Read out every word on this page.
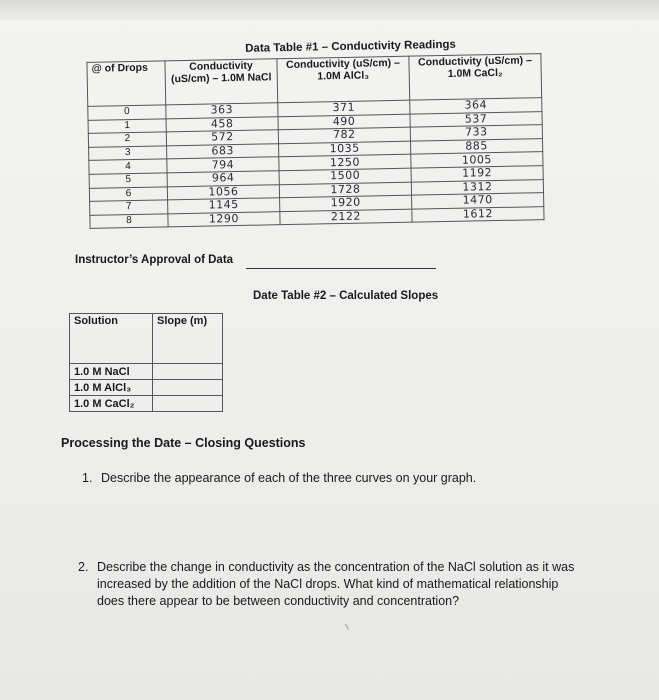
Data Table #1 – Conductivity Readings
@ of Drops	Conductivity (uS/cm) – 1.0M NaCl	Conductivity (uS/cm) – 1.0M AlCl₃	Conductivity (uS/cm) – 1.0M CaCl₂
0	363	371	364
1	458	490	537
2	572	782	733
3	683	1035	885
4	794	1250	1005
5	964	1500	1192
6	1056	1728	1312
7	1145	1920	1470
8	1290	2122	1612
Instructor’s Approval of Data
Date Table #2 – Calculated Slopes
Solution	Slope (m)
1.0 M NaCl	
1.0 M AlCl₃	
1.0 M CaCl₂	
Processing the Date – Closing Questions
1. Describe the appearance of each of the three curves on your graph.
2. Describe the change in conductivity as the concentration of the NaCl solution as it was
increased by the addition of the NaCl drops. What kind of mathematical relationship
does there appear to be between conductivity and concentration?
